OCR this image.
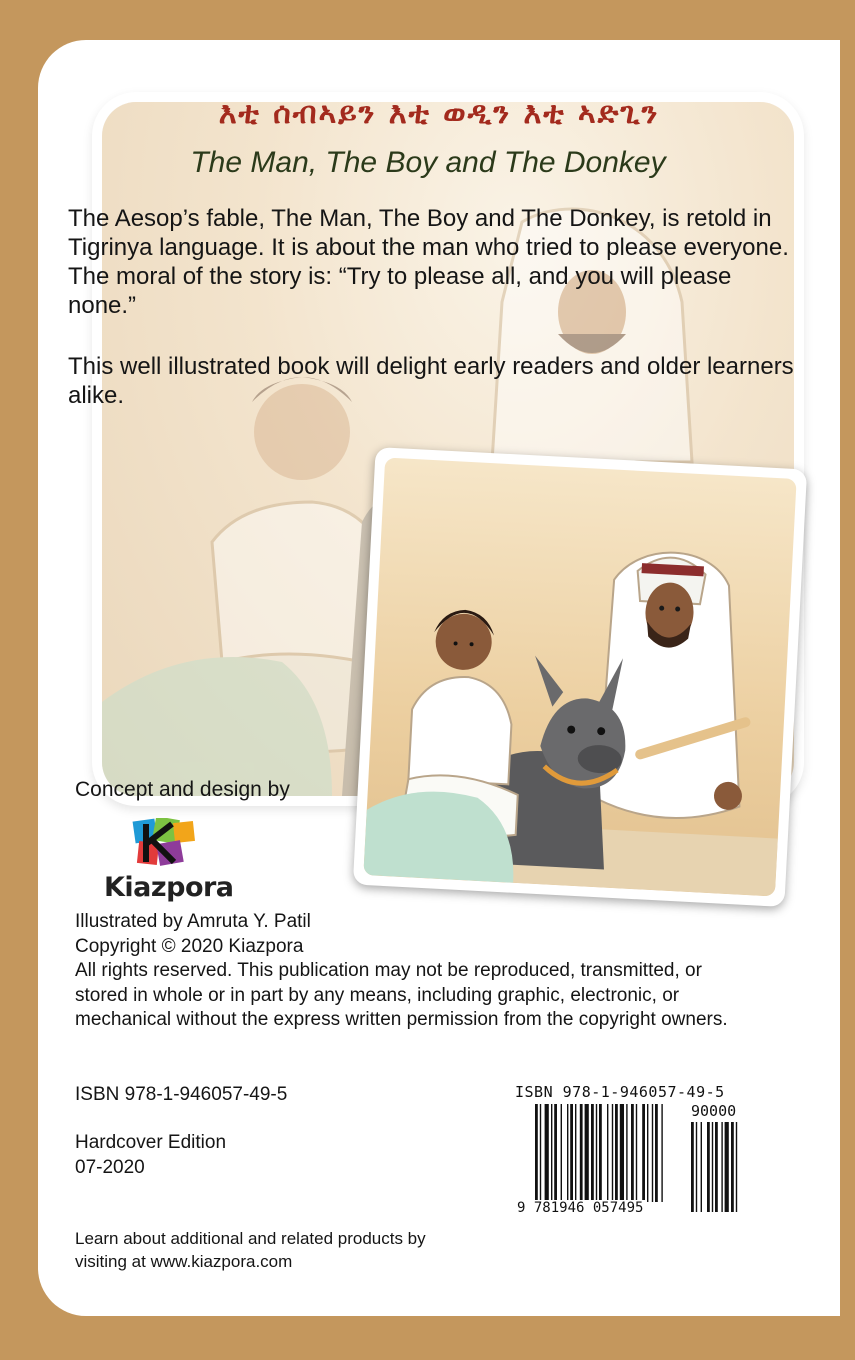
እቲ ሰብኣይን እቲ ወዲን እቲ ኣድጊን
The Man, The Boy and The Donkey

The Aesop’s fable, The Man, The Boy and The Donkey, is retold in Tigrinya language. It is about the man who tried to please everyone. The moral of the story is: “Try to please all, and you will please none.”

This well illustrated book will delight early readers and older learners alike.

Concept and design by

Kiazpora
Illustrated by Amruta Y. Patil
Copyright © 2020 Kiazpora
All rights reserved. This publication may not be reproduced, transmitted, or stored in whole or in part by any means, including graphic, electronic, or mechanical without the express written permission from the copyright owners.

ISBN 978-1-946057-49-5

Hardcover Edition
07-2020

Learn about additional and related products by visiting at www.kiazpora.com

ISBN 978-1-946057-49-5
90000
9 781946 057495
